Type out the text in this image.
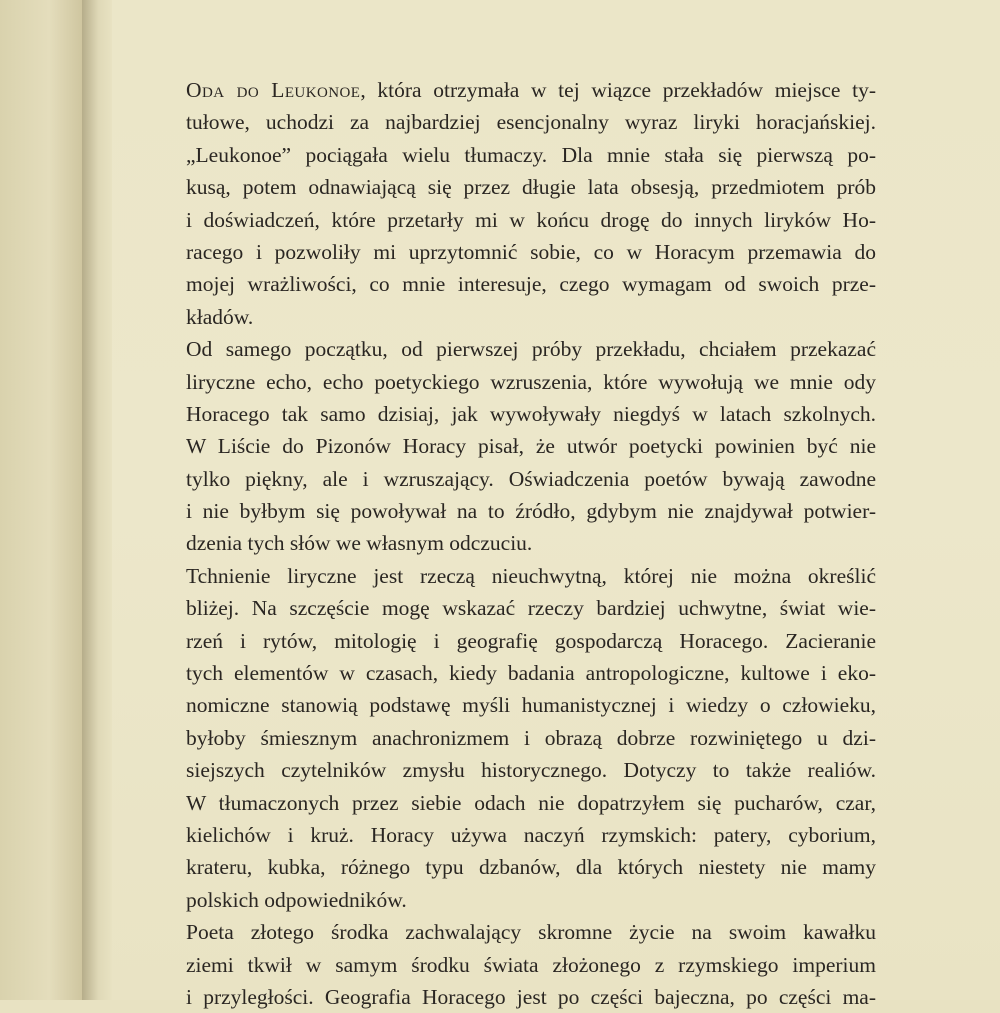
Oda do Leukonoe, która otrzymała w tej wiązce przekładów miejsce ty-
tułowe, uchodzi za najbardziej esencjonalny wyraz liryki horacjańskiej.
„Leukonoe” pociągała wielu tłumaczy. Dla mnie stała się pierwszą po-
kusą, potem odnawiającą się przez długie lata obsesją, przedmiotem prób
i doświadczeń, które przetarły mi w końcu drogę do innych liryków Ho-
racego i pozwoliły mi uprzytomnić sobie, co w Horacym przemawia do
mojej wrażliwości, co mnie interesuje, czego wymagam od swoich prze-
kładów.
Od samego początku, od pierwszej próby przekładu, chciałem przekazać
liryczne echo, echo poetyckiego wzruszenia, które wywołują we mnie ody
Horacego tak samo dzisiaj, jak wywoływały niegdyś w latach szkolnych.
W Liście do Pizonów Horacy pisał, że utwór poetycki powinien być nie
tylko piękny, ale i wzruszający. Oświadczenia poetów bywają zawodne
i nie byłbym się powoływał na to źródło, gdybym nie znajdywał potwier-
dzenia tych słów we własnym odczuciu.
Tchnienie liryczne jest rzeczą nieuchwytną, której nie można określić
bliżej. Na szczęście mogę wskazać rzeczy bardziej uchwytne, świat wie-
rzeń i rytów, mitologię i geografię gospodarczą Horacego. Zacieranie
tych elementów w czasach, kiedy badania antropologiczne, kultowe i eko-
nomiczne stanowią podstawę myśli humanistycznej i wiedzy o człowieku,
byłoby śmiesznym anachronizmem i obrazą dobrze rozwiniętego u dzi-
siejszych czytelników zmysłu historycznego. Dotyczy to także realiów.
W tłumaczonych przez siebie odach nie dopatrzyłem się pucharów, czar,
kielichów i kruż. Horacy używa naczyń rzymskich: patery, cyborium,
krateru, kubka, różnego typu dzbanów, dla których niestety nie mamy
polskich odpowiedników.
Poeta złotego środka zachwalający skromne życie na swoim kawałku
ziemi tkwił w samym środku świata złożonego z rzymskiego imperium
i przyległości. Geografia Horacego jest po części bajeczna, po części ma-
